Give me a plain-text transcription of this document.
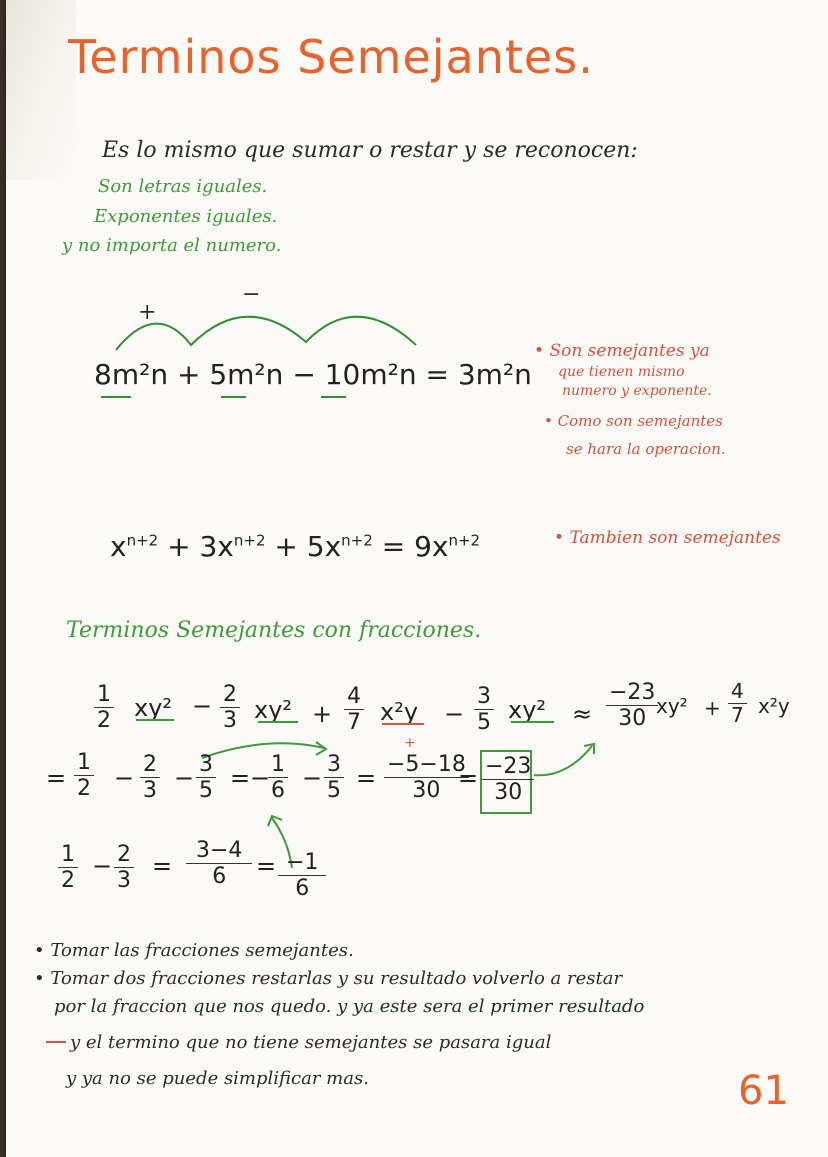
Terminos Semejantes.
Es lo mismo que sumar o restar y se reconocen:
Son letras iguales.
Exponentes iguales.
y no importa el numero.
+
−
8m²n + 5m²n − 10m²n = 3m²n
• Son semejantes ya
que tienen mismo
numero y exponente.
• Como son semejantes
se hara la operacion.
$x^{n+2} + 3x^{n+2} + 5x^{n+2} = 9x^{n+2}$	• Tambien son semejantes
Terminos Semejantes con fracciones.
$\frac{1}{2} xy^2 - \frac{2}{3} xy^2 + \frac{4}{7} x^2y - \frac{3}{5} xy^2 \approx \frac{-23}{30}$
$xy^2 + \frac{4}{7} x^2y$
= $\frac{1}{2} - \frac{2}{3} - \frac{3}{5}$ = −
$\frac{1}{6} - \frac{3}{5}$ =
+
$\frac{-5-18}{30}$
= $\frac{-23}{30}$
$\frac{1}{2} - \frac{2}{3} = \frac{3-4}{6} = \frac{-1}{6}$
• Tomar las fracciones semejantes.
• Tomar dos fracciones restarlas y su resultado volverlo a restar
por la fraccion que nos quedo. y ya este sera el primer resultado
y el termino que no tiene semejantes se pasara igual
y ya no se puede simplificar mas.	61
